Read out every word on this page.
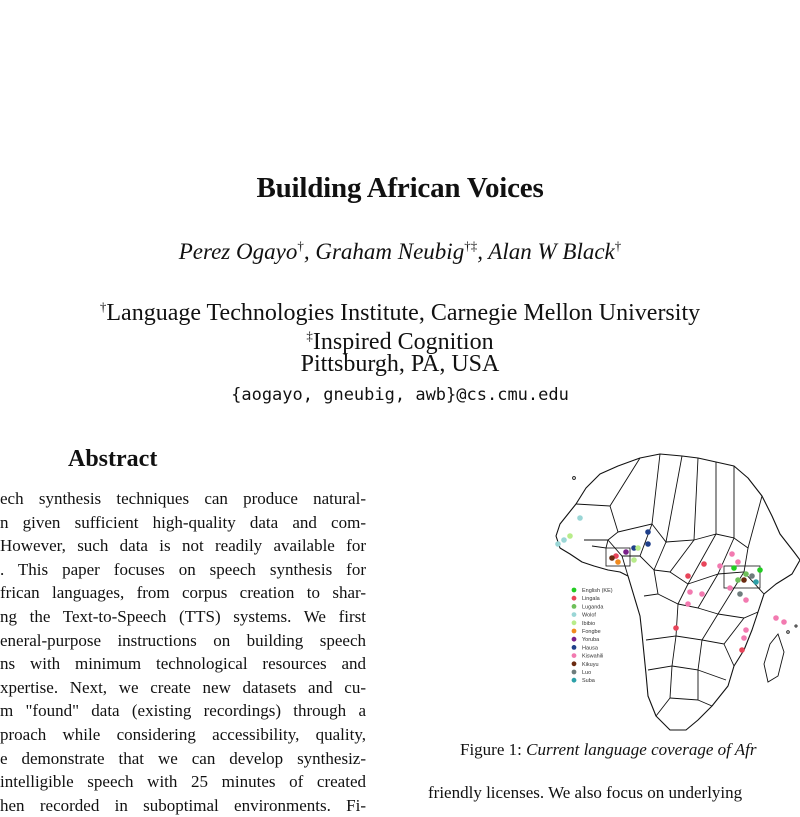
Building African Voices
Perez Ogayo†, Graham Neubig†‡, Alan W Black†
†Language Technologies Institute, Carnegie Mellon University
‡Inspired Cognition
Pittsburgh, PA, USA
{aogayo, gneubig, awb}@cs.cmu.edu
Abstract
ech synthesis techniques can produce natural-
n given sufficient high-quality data and com-
However, such data is not readily available for
. This paper focuses on speech synthesis for
frican languages, from corpus creation to shar-
ng the Text-to-Speech (TTS) systems. We first
eneral-purpose instructions on building speech
ns with minimum technological resources and
xpertise. Next, we create new datasets and cu-
m "found" data (existing recordings) through a
proach while considering accessibility, quality,
e demonstrate that we can develop synthesiz-
intelligible speech with 25 minutes of created
hen recorded in suboptimal environments. Fi-
English (KE)
Lingala
Luganda
Wolof
Ibibio
Fongbe
Yoruba
Hausa
Kiswahili
Kikuyu
Luo
Suba
Figure 1: Current language coverage of Afr
friendly licenses. We also focus on underlying
